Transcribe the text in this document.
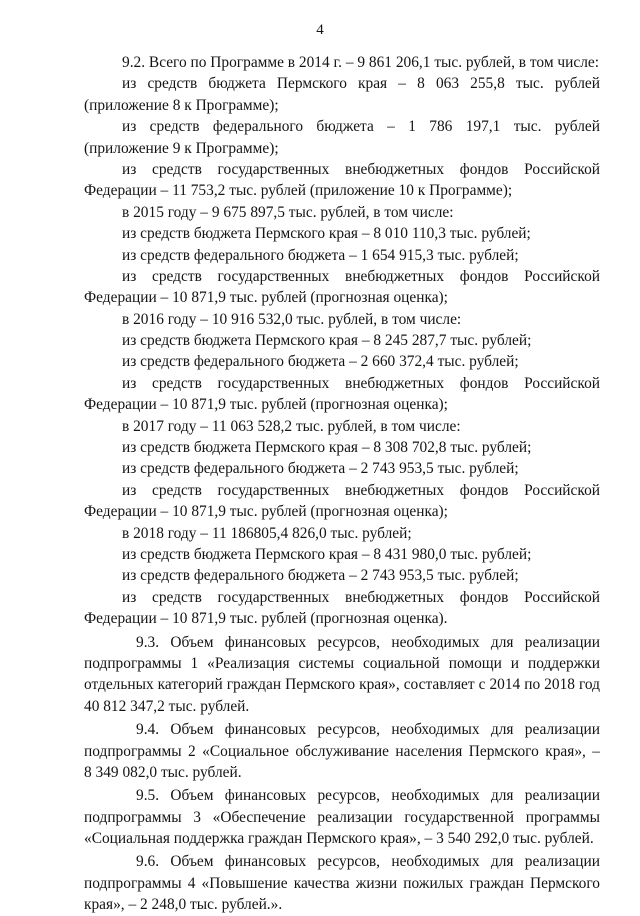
4
9.2. Всего по Программе в 2014 г. – 9 861 206,1 тыс. рублей, в том числе:
из средств бюджета Пермского края – 8 063 255,8 тыс. рублей
(приложение 8 к Программе);
из средств федерального бюджета – 1 786 197,1 тыс. рублей
(приложение 9 к Программе);
из средств государственных внебюджетных фондов Российской
Федерации – 11 753,2 тыс. рублей (приложение 10 к Программе);
в 2015 году – 9 675 897,5 тыс. рублей, в том числе:
из средств бюджета Пермского края – 8 010 110,3 тыс. рублей;
из средств федерального бюджета – 1 654 915,3 тыс. рублей;
из средств государственных внебюджетных фондов Российской
Федерации – 10 871,9 тыс. рублей (прогнозная оценка);
в 2016 году – 10 916 532,0 тыс. рублей, в том числе:
из средств бюджета Пермского края – 8 245 287,7 тыс. рублей;
из средств федерального бюджета – 2 660 372,4 тыс. рублей;
из средств государственных внебюджетных фондов Российской
Федерации – 10 871,9 тыс. рублей (прогнозная оценка);
в 2017 году – 11 063 528,2 тыс. рублей, в том числе:
из средств бюджета Пермского края – 8 308 702,8 тыс. рублей;
из средств федерального бюджета – 2 743 953,5 тыс. рублей;
из средств государственных внебюджетных фондов Российской
Федерации – 10 871,9 тыс. рублей (прогнозная оценка);
в 2018 году – 11 186805,4 826,0 тыс. рублей;
из средств бюджета Пермского края – 8 431 980,0 тыс. рублей;
из средств федерального бюджета – 2 743 953,5 тыс. рублей;
из средств государственных внебюджетных фондов Российской
Федерации – 10 871,9 тыс. рублей (прогнозная оценка).
9.3. Объем финансовых ресурсов, необходимых для реализации
подпрограммы 1 «Реализация системы социальной помощи и поддержки
отдельных категорий граждан Пермского края», составляет с 2014 по 2018 год
40 812 347,2 тыс. рублей.
9.4. Объем финансовых ресурсов, необходимых для реализации
подпрограммы 2 «Социальное обслуживание населения Пермского края», –
8 349 082,0 тыс. рублей.
9.5. Объем финансовых ресурсов, необходимых для реализации
подпрограммы 3 «Обеспечение реализации государственной программы
«Социальная поддержка граждан Пермского края», – 3 540 292,0 тыс. рублей.
9.6. Объем финансовых ресурсов, необходимых для реализации
подпрограммы 4 «Повышение качества жизни пожилых граждан Пермского
края», – 2 248,0 тыс. рублей.».
